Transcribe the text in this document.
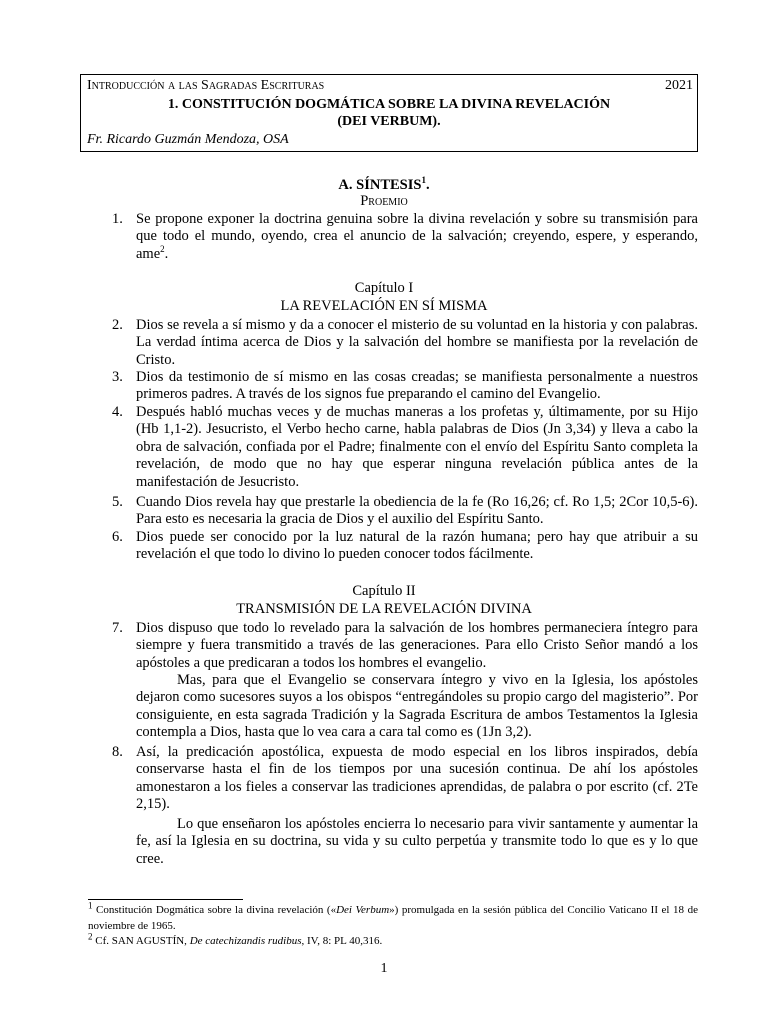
Introducción a las Sagradas Escrituras	2021
1. CONSTITUCIÓN DOGMÁTICA SOBRE LA DIVINA REVELACIÓN
(DEI VERBUM).
Fr. Ricardo Guzmán Mendoza, OSA
A. SÍNTESIS$^1$.
Proemio
1. Se propone exponer la doctrina genuina sobre la divina revelación y sobre su transmisión para que todo el mundo, oyendo, crea el anuncio de la salvación; creyendo, espere, y esperando, ame$^2$.
Capítulo I
LA REVELACIÓN EN SÍ MISMA
2. Dios se revela a sí mismo y da a conocer el misterio de su voluntad en la historia y con palabras. La verdad íntima acerca de Dios y la salvación del hombre se manifiesta por la revelación de Cristo.
3. Dios da testimonio de sí mismo en las cosas creadas; se manifiesta personalmente a nuestros primeros padres. A través de los signos fue preparando el camino del Evangelio.
4. Después habló muchas veces y de muchas maneras a los profetas y, últimamente, por su Hijo (Hb 1,1-2). Jesucristo, el Verbo hecho carne, habla palabras de Dios (Jn 3,34) y lleva a cabo la obra de salvación, confiada por el Padre; finalmente con el envío del Espíritu Santo completa la revelación, de modo que no hay que esperar ninguna revelación pública antes de la manifestación de Jesucristo.
5. Cuando Dios revela hay que prestarle la obediencia de la fe (Ro 16,26; cf. Ro 1,5; 2Cor 10,5-6). Para esto es necesaria la gracia de Dios y el auxilio del Espíritu Santo.
6. Dios puede ser conocido por la luz natural de la razón humana; pero hay que atribuir a su revelación el que todo lo divino lo pueden conocer todos fácilmente.
Capítulo II
TRANSMISIÓN DE LA REVELACIÓN DIVINA
7. Dios dispuso que todo lo revelado para la salvación de los hombres permaneciera íntegro para siempre y fuera transmitido a través de las generaciones. Para ello Cristo Señor mandó a los apóstoles a que predicaran a todos los hombres el evangelio.
Mas, para que el Evangelio se conservara íntegro y vivo en la Iglesia, los apóstoles dejaron como sucesores suyos a los obispos “entregándoles su propio cargo del magisterio”. Por consiguiente, en esta sagrada Tradición y la Sagrada Escritura de ambos Testamentos la Iglesia contempla a Dios, hasta que lo vea cara a cara tal como es (1Jn 3,2).
8. Así, la predicación apostólica, expuesta de modo especial en los libros inspirados, debía conservarse hasta el fin de los tiempos por una sucesión continua. De ahí los apóstoles amonestaron a los fieles a conservar las tradiciones aprendidas, de palabra o por escrito (cf. 2Te 2,15).
Lo que enseñaron los apóstoles encierra lo necesario para vivir santamente y aumentar la fe, así la Iglesia en su doctrina, su vida y su culto perpetúa y transmite todo lo que es y lo que cree.
$^1$ Constitución Dogmática sobre la divina revelación («Dei Verbum») promulgada en la sesión pública del Concilio Vaticano II el 18 de noviembre de 1965.
$^2$ Cf. SAN AGUSTÍN, De catechizandis rudibus, IV, 8: PL 40,316.
1
